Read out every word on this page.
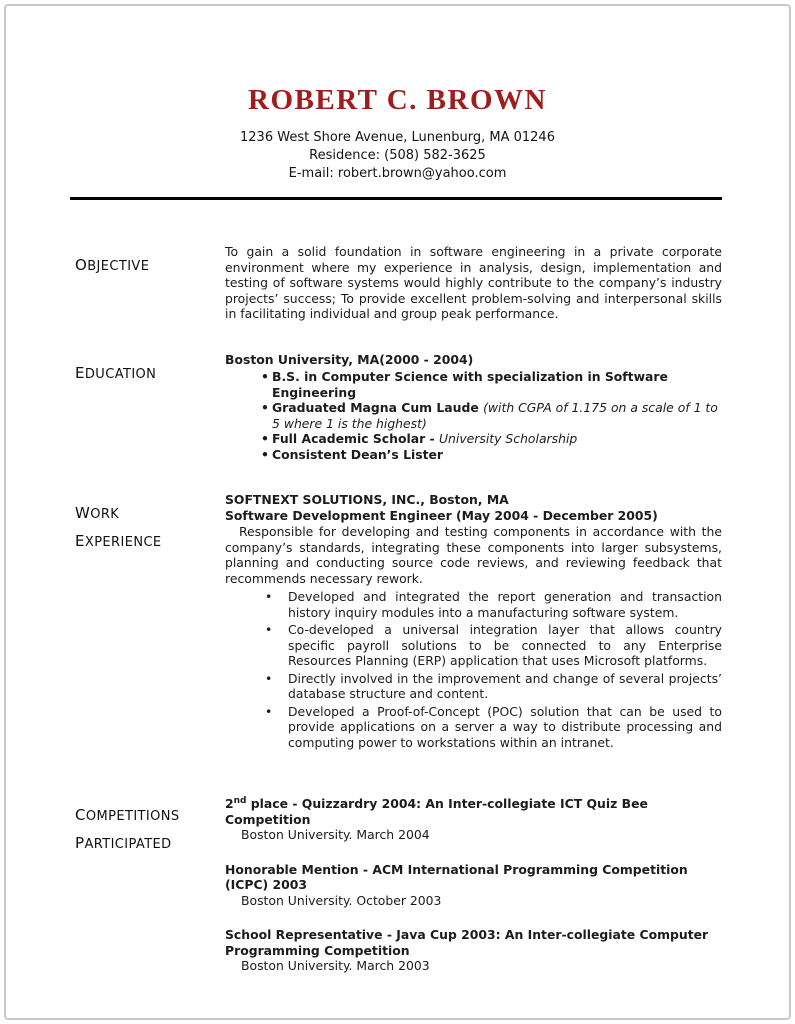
ROBERT C. BROWN
1236 West Shore Avenue, Lunenburg, MA 01246
Residence: (508) 582-3625
E-mail: robert.brown@yahoo.com
OBJECTIVE

To gain a solid foundation in software engineering in a private corporate environment where my experience in analysis, design, implementation and testing of software systems would highly contribute to the company’s industry projects’ success; To provide excellent problem-solving and interpersonal skills in facilitating individual and group peak performance.

EDUCATION
Boston University, MA(2000 - 2004)
• B.S. in Computer Science with specialization in Software Engineering
• Graduated Magna Cum Laude (with CGPA of 1.175 on a scale of 1 to 5 where 1 is the highest)
• Full Academic Scholar - University Scholarship
• Consistent Dean’s Lister
WORK
EXPERIENCE
SOFTNEXT SOLUTIONS, INC., Boston, MA
Software Development Engineer (May 2004 - December 2005)

Responsible for developing and testing components in accordance with the company’s standards, integrating these components into larger subsystems, planning and conducting source code reviews, and reviewing feedback that recommends necessary rework.

• Developed and integrated the report generation and transaction history inquiry modules into a manufacturing software system.
• Co-developed a universal integration layer that allows country specific payroll solutions to be connected to any Enterprise Resources Planning (ERP) application that uses Microsoft platforms.
• Directly involved in the improvement and change of several projects’ database structure and content.
• Developed a Proof-of-Concept (POC) solution that can be used to provide applications on a server a way to distribute processing and computing power to workstations within an intranet.
COMPETITIONS
PARTICIPATED
2nd place - Quizzardry 2004: An Inter-collegiate ICT Quiz Bee Competition
Boston University. March 2004
Honorable Mention - ACM International Programming Competition (ICPC) 2003
Boston University. October 2003
School Representative - Java Cup 2003: An Inter-collegiate Computer Programming Competition
Boston University. March 2003
